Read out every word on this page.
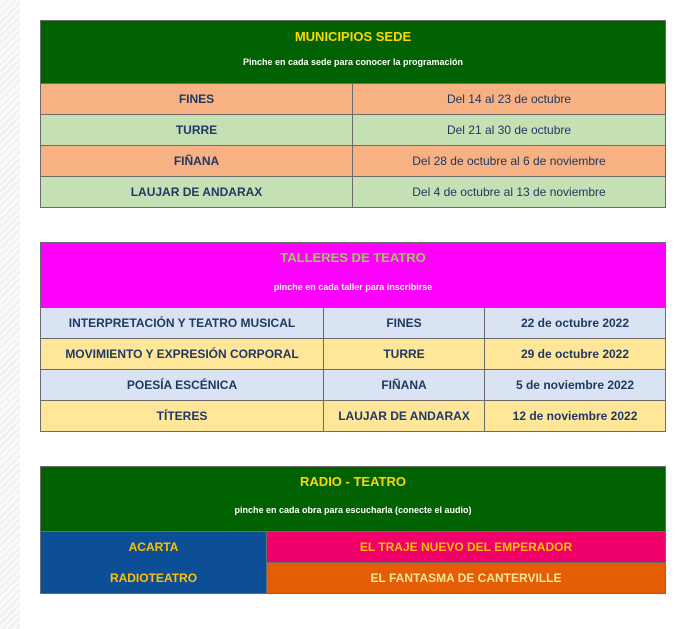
MUNICIPIOS SEDE
Pinche en cada sede para conocer la programación	

FINES	Del 14 al 23 de octubre
TURRE	Del 21 al 30 de octubre
FIÑANA	Del 28 de octubre al 6 de noviembre
LAUJAR DE ANDARAX	Del 4 de octubre al 13 de noviembre
TALLERES DE TEATRO
pinche en cada taller para inscribirse		

INTERPRETACIÓN Y TEATRO MUSICAL	FINES	22 de octubre 2022
MOVIMIENTO Y EXPRESIÓN CORPORAL	TURRE	29 de octubre 2022
POESÍA ESCÉNICA	FIÑANA	5 de noviembre 2022
TÍTERES	LAUJAR DE ANDARAX	12 de noviembre 2022
RADIO - TEATRO
pinche en cada obra para escucharla (conecte el audio)	

ACARTA	EL TRAJE NUEVO DEL EMPERADOR
RADIOTEATRO	EL FANTASMA DE CANTERVILLE
